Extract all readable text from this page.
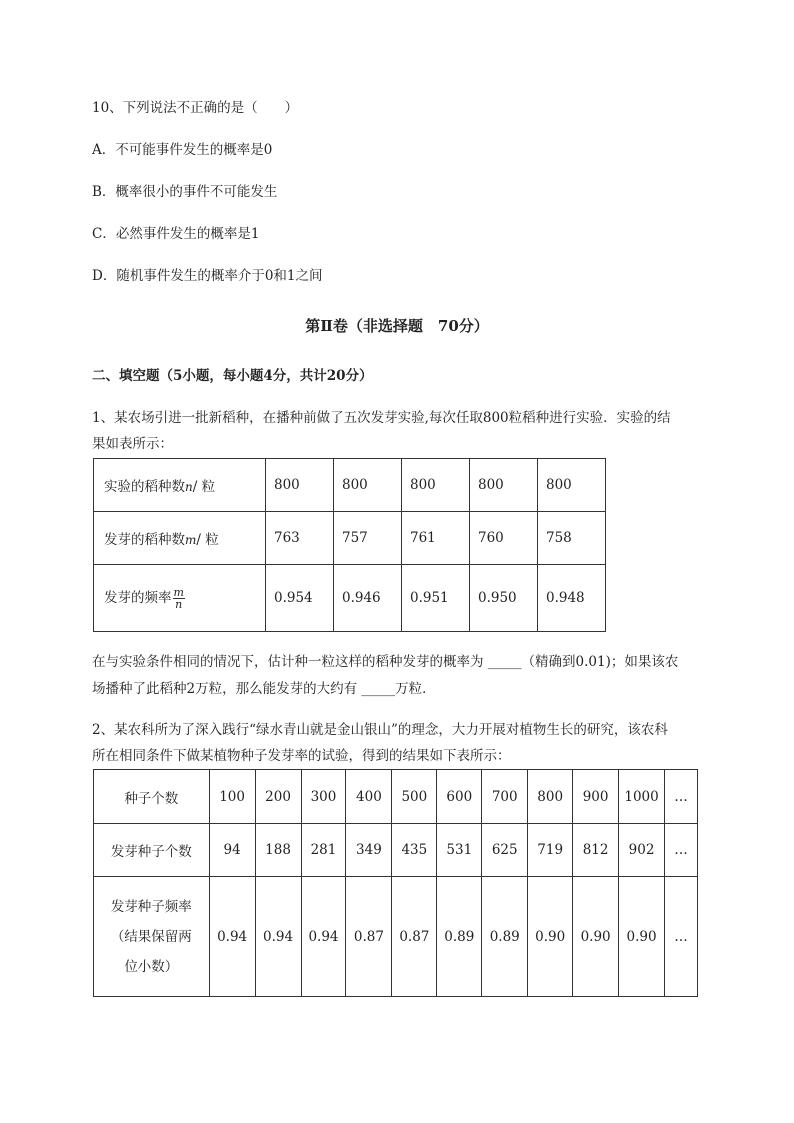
10、下列说法不正确的是（　　）
A．不可能事件发生的概率是0
B．概率很小的事件不可能发生
C．必然事件发生的概率是1
D．随机事件发生的概率介于0和1之间
第Ⅱ卷（非选择题　70分）
二、填空题（5小题，每小题4分，共计20分）
1、某农场引进一批新稻种，在播种前做了五次发芽实验,每次任取800粒稻种进行实验．实验的结
果如表所示：
实验的稻种数n/ 粒	800	800	800	800	800
发芽的稻种数m/ 粒	763	757	761	760	758
发芽的频率 $\frac{m}{n}$	0.954	0.946	0.951	0.950	0.948
在与实验条件相同的情况下，估计种一粒这样的稻种发芽的概率为 _____（精确到0.01)；如果该农
场播种了此稻种2万粒，那么能发芽的大约有 _____万粒．
2、某农科所为了深入践行“绿水青山就是金山银山”的理念，大力开展对植物生长的研究，该农科
所在相同条件下做某植物种子发芽率的试验，得到的结果如下表所示：
种子个数	100	200	300	400	500	600	700	800	900	1000	…
发芽种子个数	94	188	281	349	435	531	625	719	812	902	…

发芽种子频率
（结果保留两
位小数）	0.94	0.94	0.94	0.87	0.87	0.89	0.89	0.90	0.90	0.90	…
